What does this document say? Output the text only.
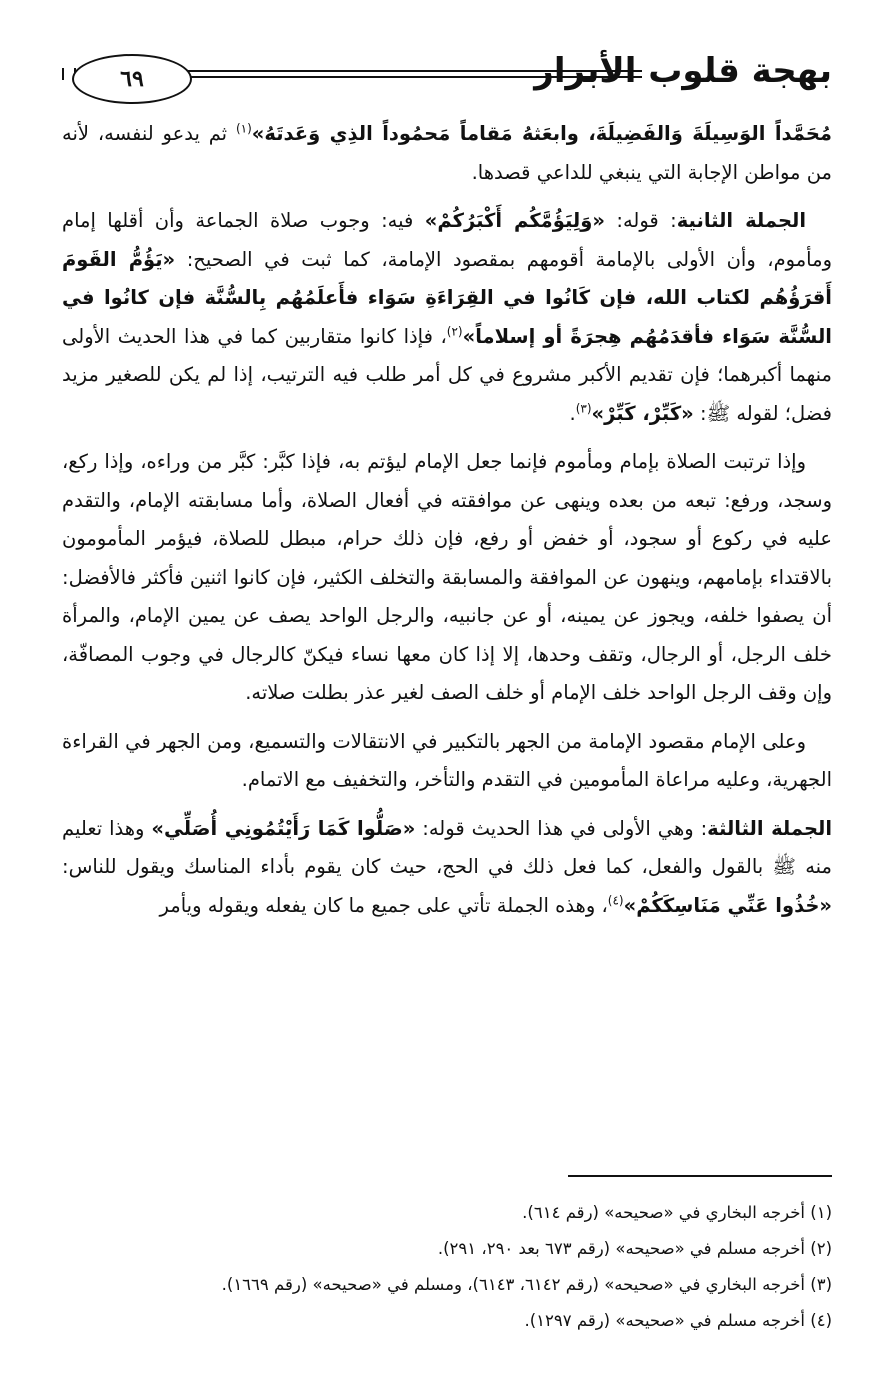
٦٩	بهجة قلوب الأبرار

مُحَمَّداً الوَسِيلَةَ وَالفَضِيلَةَ، وابعَثهُ مَقاماً مَحمُوداً الذِي وَعَدتَهُ»$^{(١)}$ ثم يدعو لنفسه، لأنه من مواطن الإجابة التي ينبغي للداعي قصدها.

الجملة الثانية: قوله: «وَلِيَؤُمَّكُم أَكْبَرُكُمْ» فيه: وجوب صلاة الجماعة وأن أقلها إمام ومأموم، وأن الأولى بالإمامة أقومهم بمقصود الإمامة، كما ثبت في الصحيح: «يَؤُمُّ القَومَ أَقرَؤُهُم لكتاب الله، فإن كَانُوا في القِرَاءَةِ سَوَاء فأَعلَمُهُم بِالسُّنَّة فإن كانُوا في السُّنَّة سَوَاء فأقدَمُهُم هِجرَةً أو إسلاماً»$^{(٢)}$، فإذا كانوا متقاربين كما في هذا الحديث الأولى منهما أكبرهما؛ فإن تقديم الأكبر مشروع في كل أمر طلب فيه الترتيب، إذا لم يكن للصغير مزيد فضل؛ لقوله ﷺ: «كَبِّرْ، كَبِّرْ»$^{(٣)}$.

وإذا ترتبت الصلاة بإمام ومأموم فإنما جعل الإمام ليؤتم به، فإذا كبَّر: كبَّر من وراءه، وإذا ركع، وسجد، ورفع: تبعه من بعده وينهى عن موافقته في أفعال الصلاة، وأما مسابقته الإمام، والتقدم عليه في ركوع أو سجود، أو خفض أو رفع، فإن ذلك حرام، مبطل للصلاة، فيؤمر المأمومون بالاقتداء بإمامهم، وينهون عن الموافقة والمسابقة والتخلف الكثير، فإن كانوا اثنين فأكثر فالأفضل: أن يصفوا خلفه، ويجوز عن يمينه، أو عن جانبيه، والرجل الواحد يصف عن يمين الإمام، والمرأة خلف الرجل، أو الرجال، وتقف وحدها، إلا إذا كان معها نساء فيكنّ كالرجال في وجوب المصافّة، وإن وقف الرجل الواحد خلف الإمام أو خلف الصف لغير عذر بطلت صلاته.

وعلى الإمام مقصود الإمامة من الجهر بالتكبير في الانتقالات والتسميع، ومن الجهر في القراءة الجهرية، وعليه مراعاة المأمومين في التقدم والتأخر، والتخفيف مع الاتمام.

الجملة الثالثة: وهي الأولى في هذا الحديث قوله: «صَلُّوا كَمَا رَأَيْتُمُونِي أُصَلِّي» وهذا تعليم منه ﷺ بالقول والفعل، كما فعل ذلك في الحج، حيث كان يقوم بأداء المناسك ويقول للناس: «خُذُوا عَنِّي مَنَاسِكَكُمْ»$^{(٤)}$، وهذه الجملة تأتي على جميع ما كان يفعله ويقوله ويأمر

(١) أخرجه البخاري في «صحيحه» (رقم ٦١٤).

(٢) أخرجه مسلم في «صحيحه» (رقم ٦٧٣ بعد ٢٩٠، ٢٩١).

(٣) أخرجه البخاري في «صحيحه» (رقم ٦١٤٢، ٦١٤٣)، ومسلم في «صحيحه» (رقم ١٦٦٩).

(٤) أخرجه مسلم في «صحيحه» (رقم ١٢٩٧).
